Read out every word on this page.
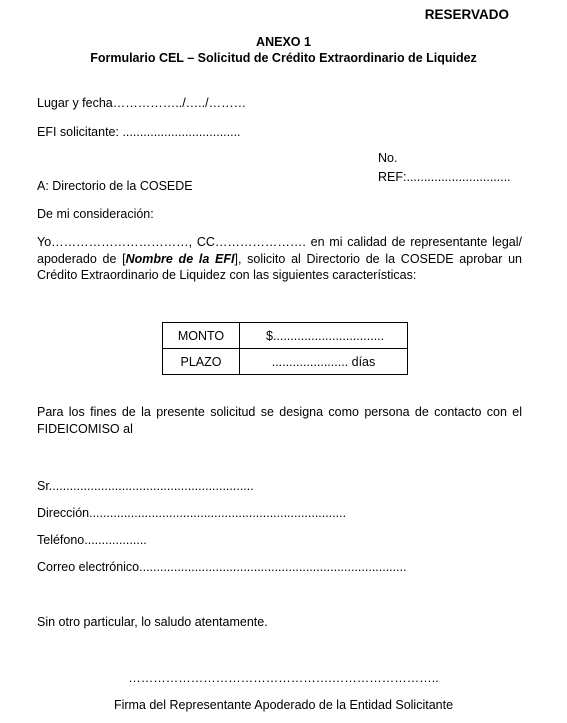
RESERVADO
ANEXO 1
Formulario CEL – Solicitud de Crédito Extraordinario de Liquidez
Lugar y fecha……………../…../………
EFI solicitante: ..................................
No.
REF:..............................
A: Directorio de la COSEDE
De mi consideración:
Yo……………………………, CC…………………. en mi calidad de representante legal/ apoderado de [Nombre de la EFI], solicito al Directorio de la COSEDE aprobar un Crédito Extraordinario de Liquidez con las siguientes características:
MONTO	$................................
PLAZO	...................... días
Para los fines de la presente solicitud se designa como persona de contacto con el FIDEICOMISO al
Sr...........................................................
Dirección..........................................................................
Teléfono..................
Correo electrónico.............................................................................
Sin otro particular, lo saludo atentamente.
………………………………………….……………………..
Firma del Representante Apoderado de la Entidad Solicitante
